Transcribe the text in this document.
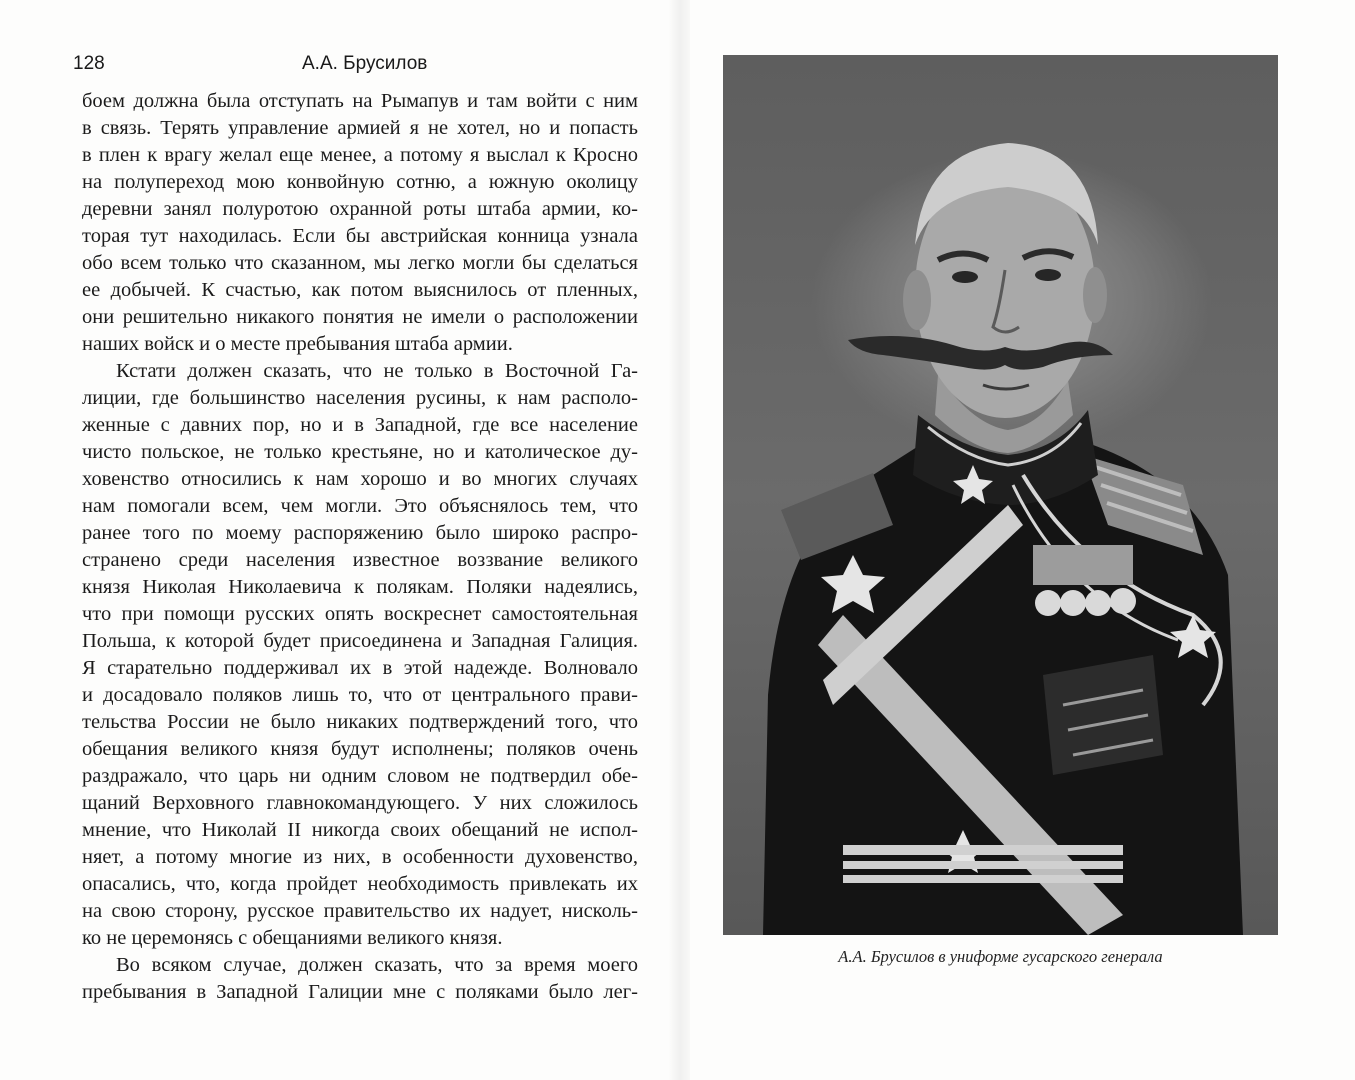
128	А.А. Брусилов
боем должна была отступать на Рымапув и там войти с ним
в связь. Терять управление армией я не хотел, но и попасть
в плен к врагу желал еще менее, а потому я выслал к Кросно
на полупереход мою конвойную сотню, а южную околицу
деревни занял полуротою охранной роты штаба армии, ко-
торая тут находилась. Если бы австрийская конница узнала
обо всем только что сказанном, мы легко могли бы сделаться
ее добычей. К счастью, как потом выяснилось от пленных,
они решительно никакого понятия не имели о расположении
наших войск и о месте пребывания штаба армии.
Кстати должен сказать, что не только в Восточной Га-
лиции, где большинство населения русины, к нам располо-
женные с давних пор, но и в Западной, где все население
чисто польское, не только крестьяне, но и католическое ду-
ховенство относились к нам хорошо и во многих случаях
нам помогали всем, чем могли. Это объяснялось тем, что
ранее того по моему распоряжению было широко распро-
странено среди населения известное воззвание великого
князя Николая Николаевича к полякам. Поляки надеялись,
что при помощи русских опять воскреснет самостоятельная
Польша, к которой будет присоединена и Западная Галиция.
Я старательно поддерживал их в этой надежде. Волновало
и досадовало поляков лишь то, что от центрального прави-
тельства России не было никаких подтверждений того, что
обещания великого князя будут исполнены; поляков очень
раздражало, что царь ни одним словом не подтвердил обе-
щаний Верховного главнокомандующего. У них сложилось
мнение, что Николай II никогда своих обещаний не испол-
няет, а потому многие из них, в особенности духовенство,
опасались, что, когда пройдет необходимость привлекать их
на свою сторону, русское правительство их надует, нисколь-
ко не церемонясь с обещаниями великого князя.
Во всяком случае, должен сказать, что за время моего
пребывания в Западной Галиции мне с поляками было лег-
А.А. Брусилов в униформе гусарского генерала
